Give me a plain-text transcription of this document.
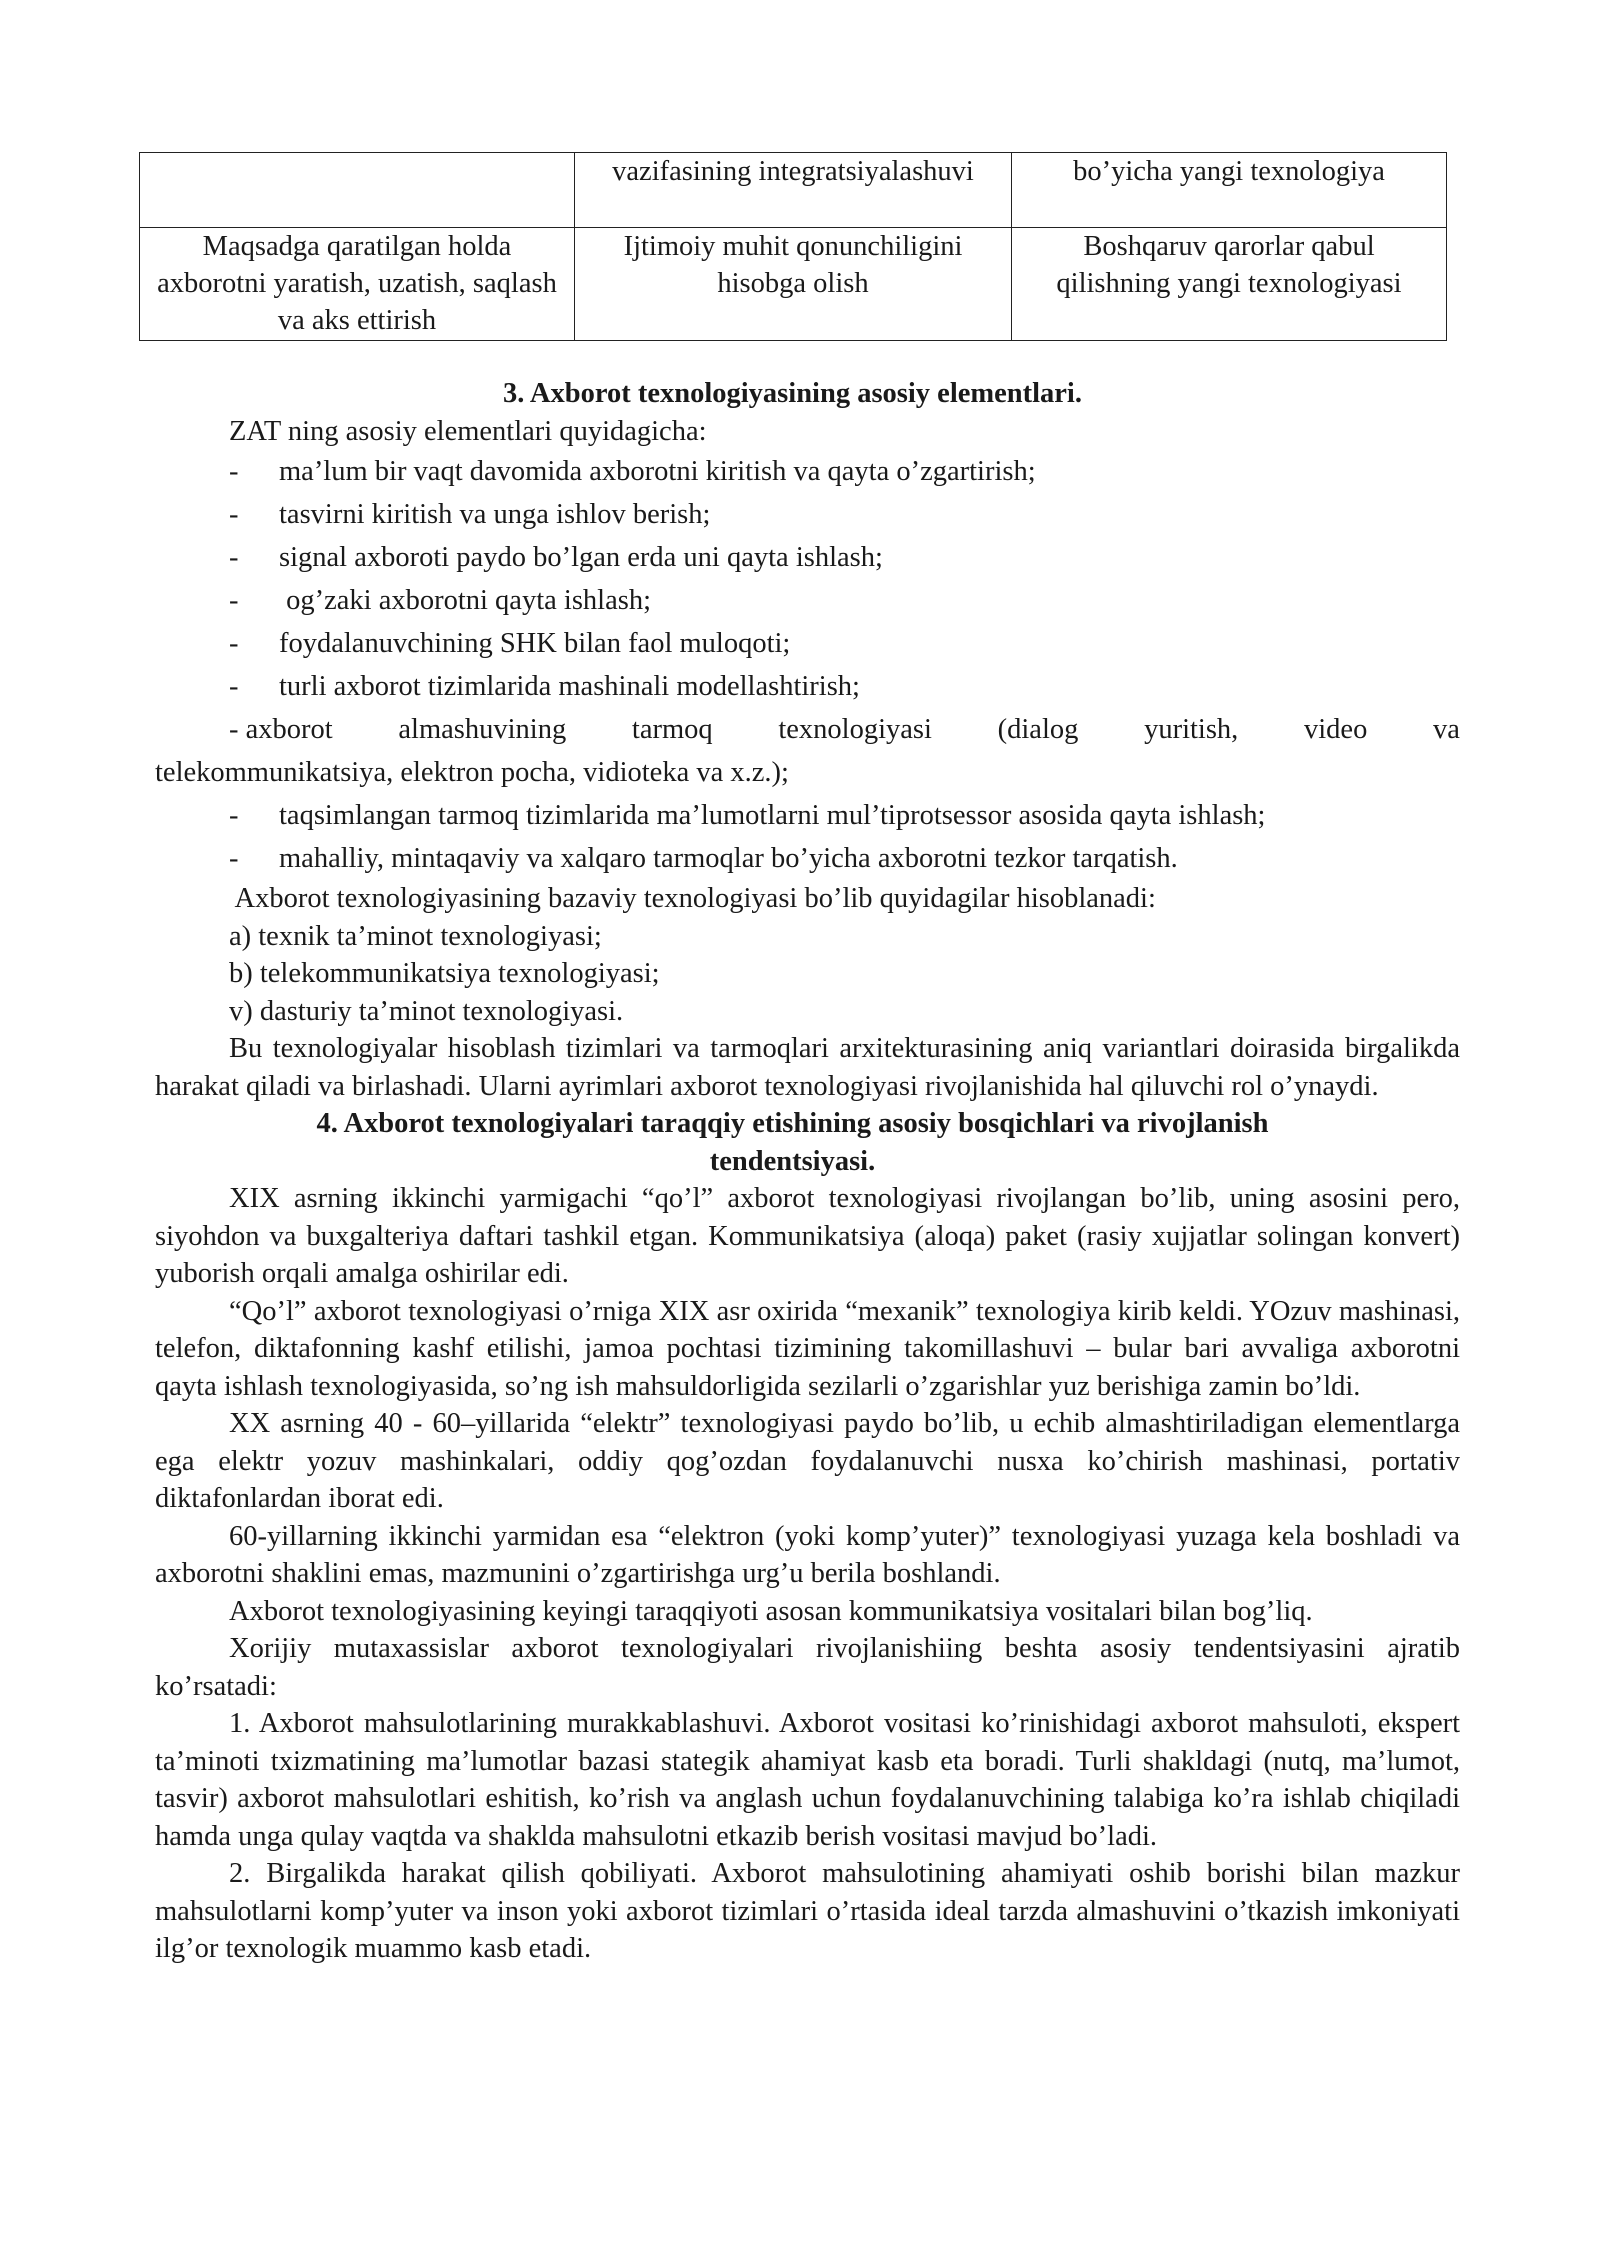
	vazifasining integratsiyalashuvi	bo’yicha yangi texnologiya
Maqsadga qaratilgan holda axborotni yaratish, uzatish, saqlash va aks ettirish	Ijtimoiy muhit qonunchiligini hisobga olish	Boshqaruv qarorlar qabul qilishning yangi texnologiyasi

3. Axborot texnologiyasining asosiy elementlari.

ZAT ning asosiy elementlari quyidagicha:

-	ma’lum bir vaqt davomida axborotni kiritish va qayta o’zgartirish;
-	tasvirni kiritish va unga ishlov berish;
-	signal axboroti paydo bo’lgan erda uni qayta ishlash;
-	og’zaki axborotni qayta ishlash;
-	foydalanuvchining SHK bilan faol muloqoti;
-	turli axborot tizimlarida mashinali modellashtirish;
- axborot almashuvining tarmoq texnologiyasi (dialog yuritish, video va

telekommunikatsiya, elektron pocha, vidioteka va x.z.);

-	taqsimlangan tarmoq tizimlarida ma’lumotlarni mul’tiprotsessor asosida qayta ishlash;
-	mahalliy, mintaqaviy va xalqaro tarmoqlar bo’yicha axborotni tezkor tarqatish.

Axborot texnologiyasining bazaviy texnologiyasi bo’lib quyidagilar hisoblanadi:

a) texnik ta’minot texnologiyasi;

b) telekommunikatsiya texnologiyasi;

v) dasturiy ta’minot texnologiyasi.

Bu texnologiyalar hisoblash tizimlari va tarmoqlari arxitekturasining aniq variantlari doirasida birgalikda harakat qiladi va birlashadi. Ularni ayrimlari axborot texnologiyasi rivojlanishida hal qiluvchi rol o’ynaydi.

4. Axborot texnologiyalari taraqqiy etishining asosiy bosqichlari va rivojlanish

tendentsiyasi.

XIX asrning ikkinchi yarmigachi “qo’l” axborot texnologiyasi rivojlangan bo’lib, uning asosini pero, siyohdon va buxgalteriya daftari tashkil etgan. Kommunikatsiya (aloqa) paket (rasiy xujjatlar solingan konvert) yuborish orqali amalga oshirilar edi.

“Qo’l” axborot texnologiyasi o’rniga XIX asr oxirida “mexanik” texnologiya kirib keldi. YOzuv mashinasi, telefon, diktafonning kashf etilishi, jamoa pochtasi tizimining takomillashuvi – bular bari avvaliga axborotni qayta ishlash texnologiyasida, so’ng ish mahsuldorligida sezilarli o’zgarishlar yuz berishiga zamin bo’ldi.

XX asrning 40 - 60–yillarida “elektr” texnologiyasi paydo bo’lib, u echib almashtiriladigan elementlarga ega elektr yozuv mashinkalari, oddiy qog’ozdan foydalanuvchi nusxa ko’chirish mashinasi, portativ diktafonlardan iborat edi.

60-yillarning ikkinchi yarmidan esa “elektron (yoki komp’yuter)” texnologiyasi yuzaga kela boshladi va axborotni shaklini emas, mazmunini o’zgartirishga urg’u berila boshlandi.

Axborot texnologiyasining keyingi taraqqiyoti asosan kommunikatsiya vositalari bilan bog’liq.

Xorijiy mutaxassislar axborot texnologiyalari rivojlanishiing beshta asosiy tendentsiyasini ajratib ko’rsatadi:

1. Axborot mahsulotlarining murakkablashuvi. Axborot vositasi ko’rinishidagi axborot mahsuloti, ekspert ta’minoti txizmatining ma’lumotlar bazasi stategik ahamiyat kasb eta boradi. Turli shakldagi (nutq, ma’lumot, tasvir) axborot mahsulotlari eshitish, ko’rish va anglash uchun foydalanuvchining talabiga ko’ra ishlab chiqiladi hamda unga qulay vaqtda va shaklda mahsulotni etkazib berish vositasi mavjud bo’ladi.

2. Birgalikda harakat qilish qobiliyati. Axborot mahsulotining ahamiyati oshib borishi bilan mazkur mahsulotlarni komp’yuter va inson yoki axborot tizimlari o’rtasida ideal tarzda almashuvini o’tkazish imkoniyati ilg’or texnologik muammo kasb etadi.
